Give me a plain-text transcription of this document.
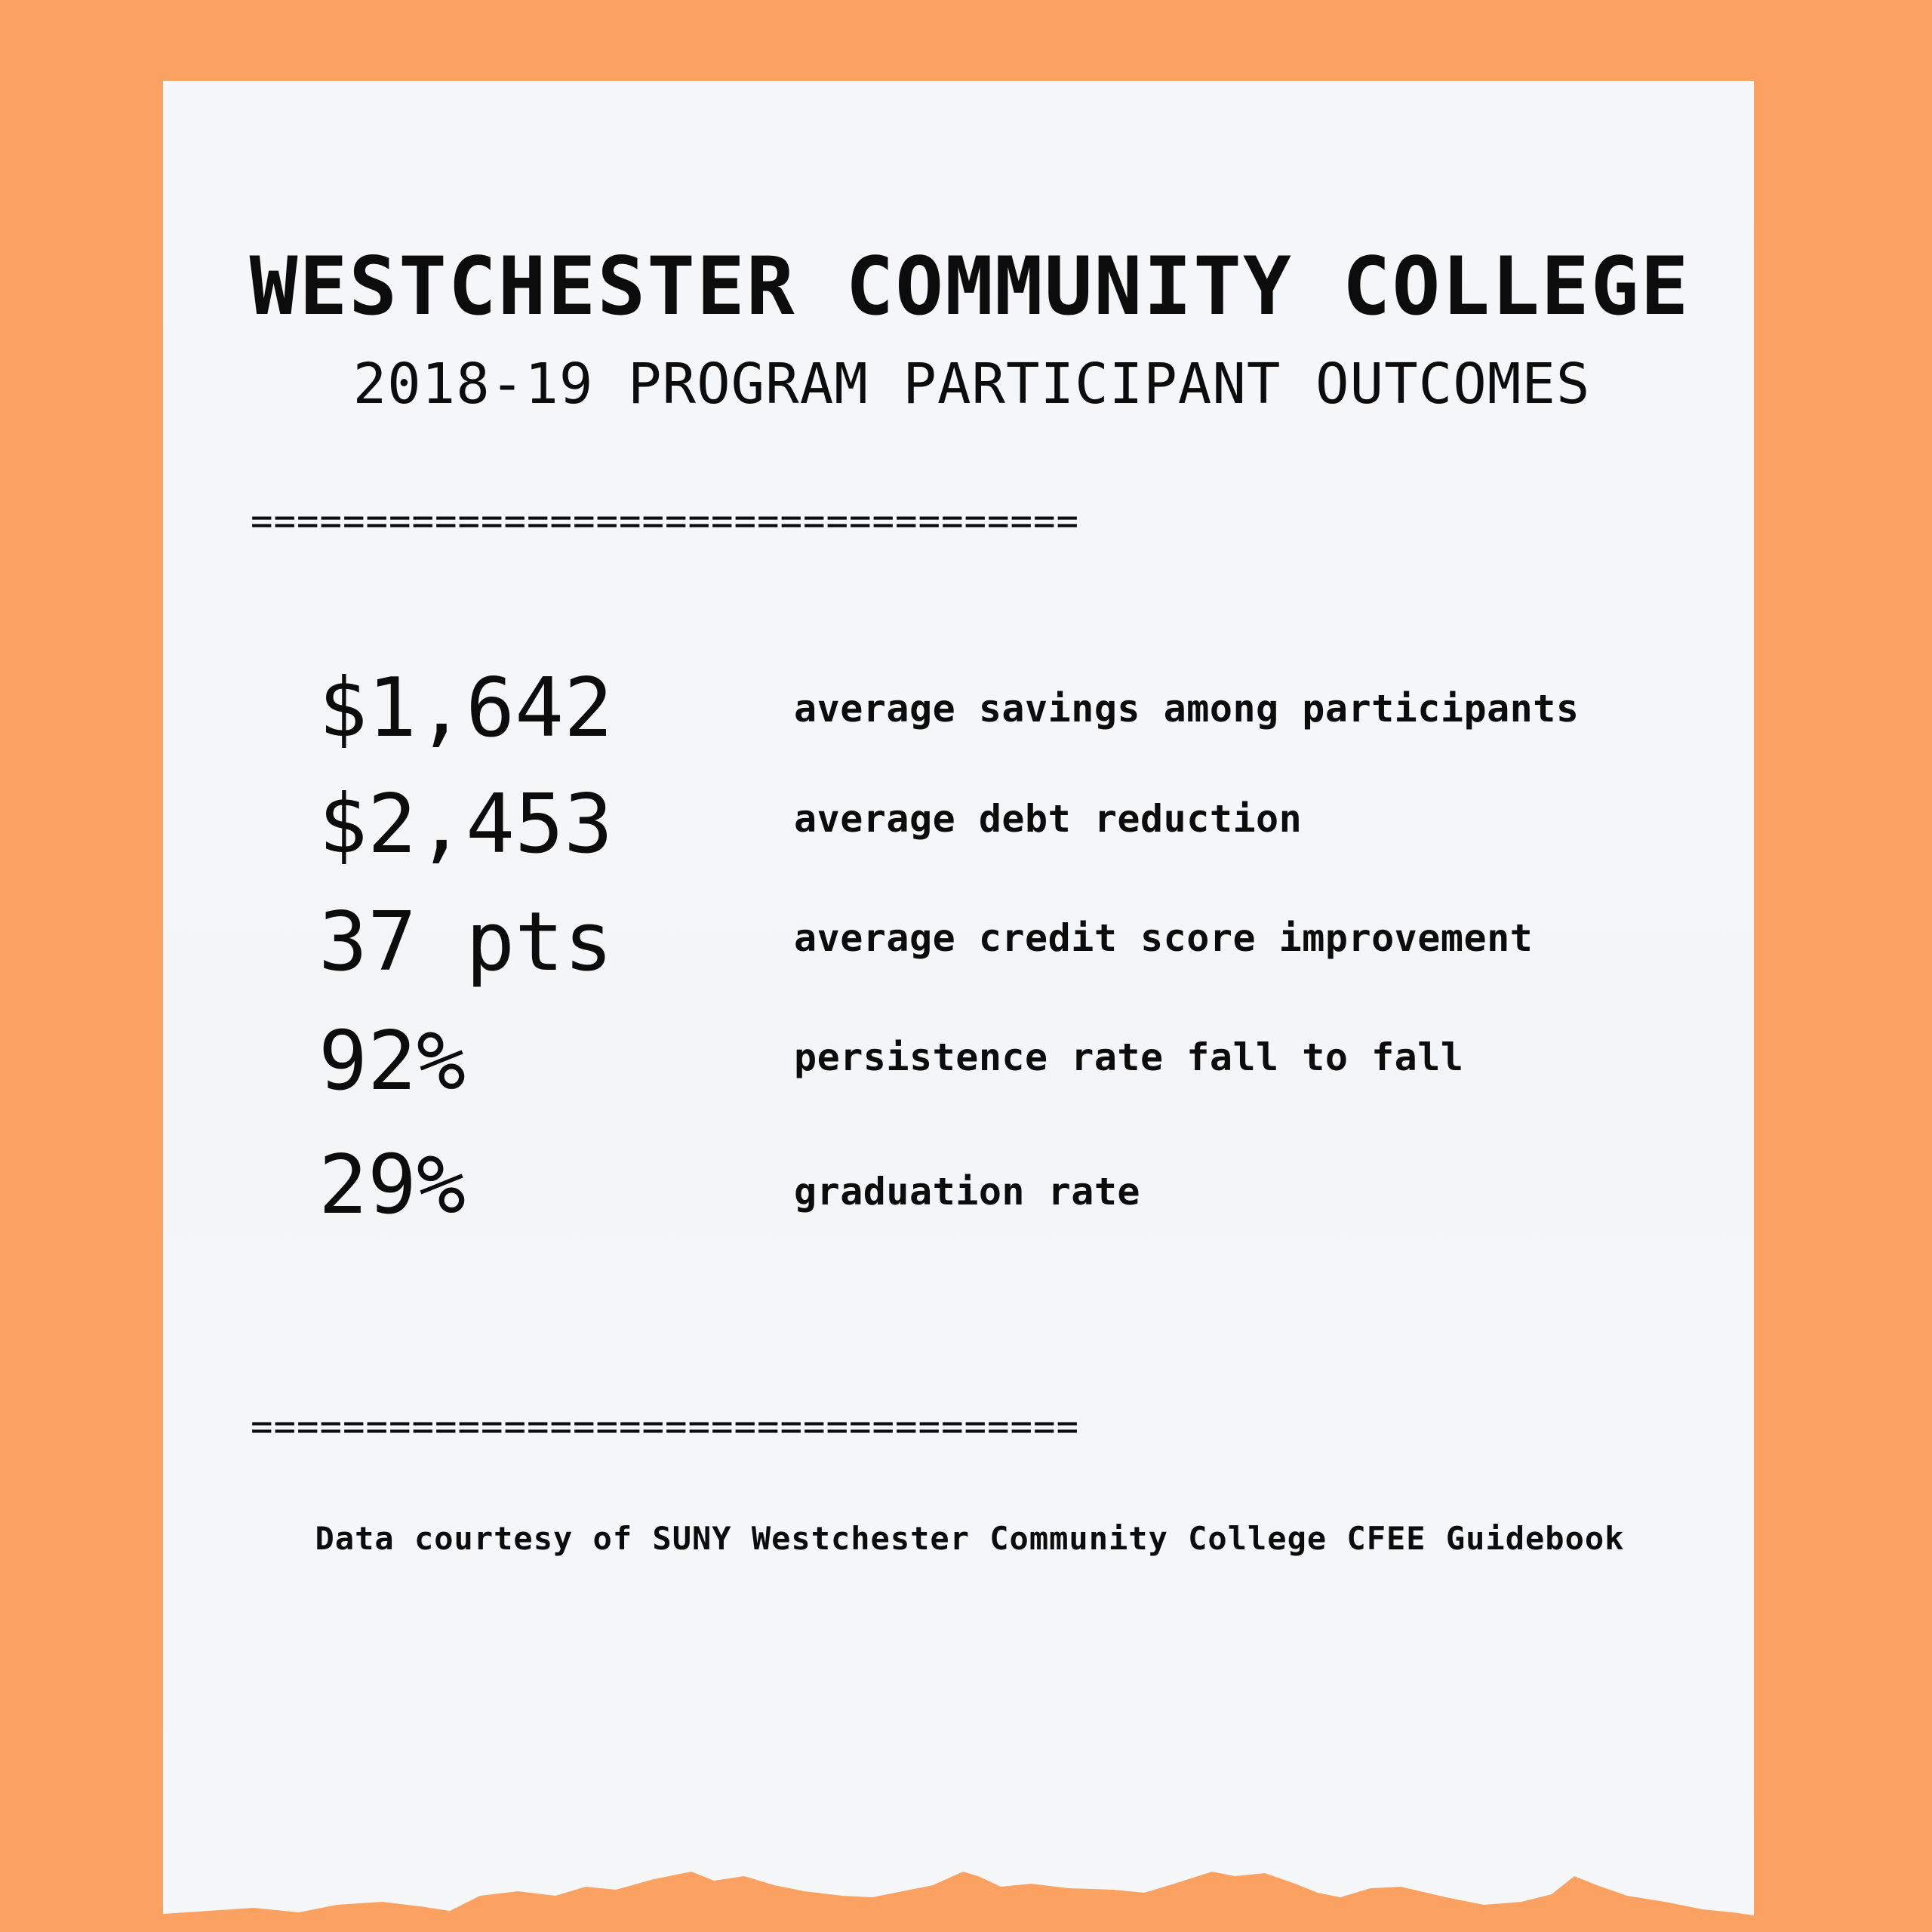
WESTCHESTER COMMUNITY COLLEGE
2018-19 PROGRAM PARTICIPANT OUTCOMES
====================================
$1,642	average savings among participants
$2,453	average debt reduction
37 pts	average credit score improvement
92%	persistence rate fall to fall
29%	graduation rate
====================================
Data courtesy of SUNY Westchester Community College CFEE Guidebook
